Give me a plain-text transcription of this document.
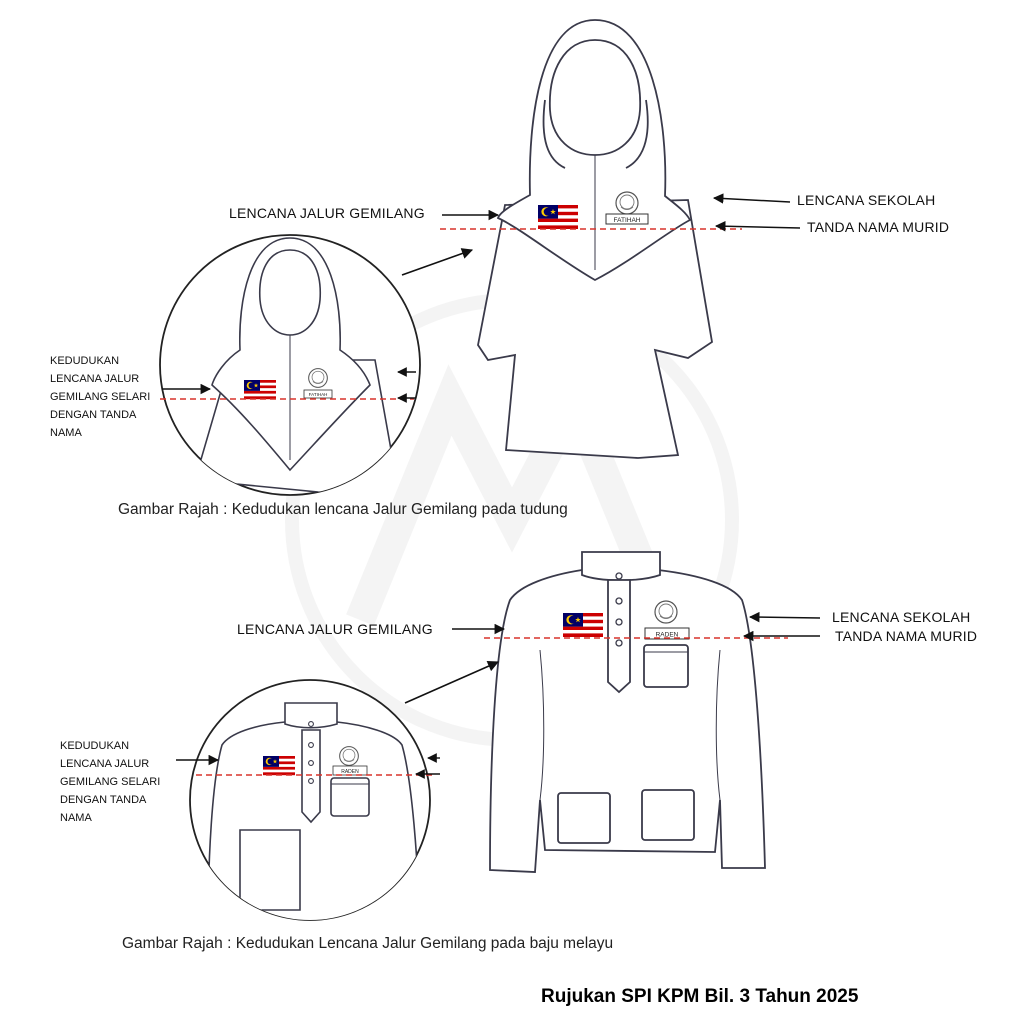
FATIHAH
FATIHAH
RADEN
RADEN
LENCANA JALUR GEMILANG
LENCANA SEKOLAH
TANDA NAMA MURID
KEDUDUKAN
LENCANA JALUR
GEMILANG SELARI
DENGAN TANDA
NAMA
Gambar Rajah : Kedudukan lencana Jalur Gemilang pada tudung
LENCANA JALUR GEMILANG
LENCANA SEKOLAH
TANDA NAMA MURID
KEDUDUKAN
LENCANA JALUR
GEMILANG SELARI
DENGAN TANDA
NAMA
Gambar Rajah : Kedudukan Lencana Jalur Gemilang pada baju melayu
Rujukan SPI KPM Bil. 3 Tahun 2025
